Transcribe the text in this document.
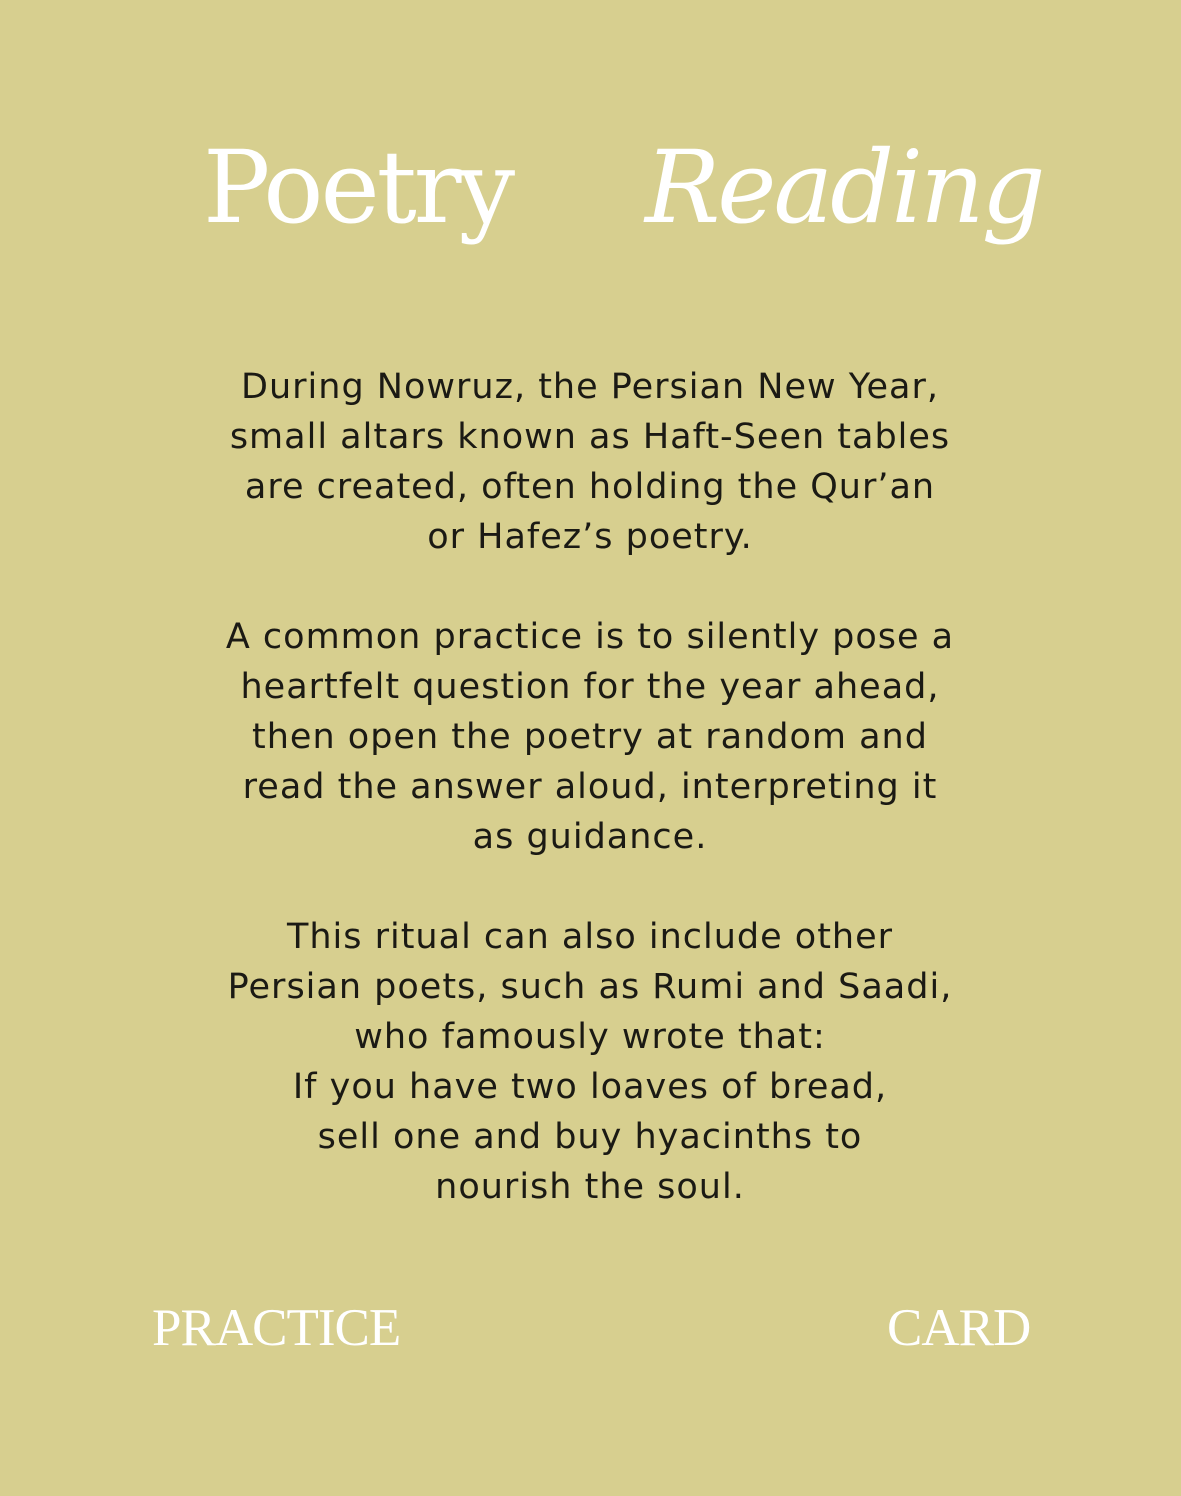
Poetry Reading

During Nowruz, the Persian New Year,
small altars known as Haft-Seen tables
are created, often holding the Qur’an
or Hafez’s poetry.

A common practice is to silently pose a
heartfelt question for the year ahead,
then open the poetry at random and
read the answer aloud, interpreting it
as guidance.

This ritual can also include other
Persian poets, such as Rumi and Saadi,
who famously wrote that:
If you have two loaves of bread,
sell one and buy hyacinths to
nourish the soul.

PRACTICE	CARD
